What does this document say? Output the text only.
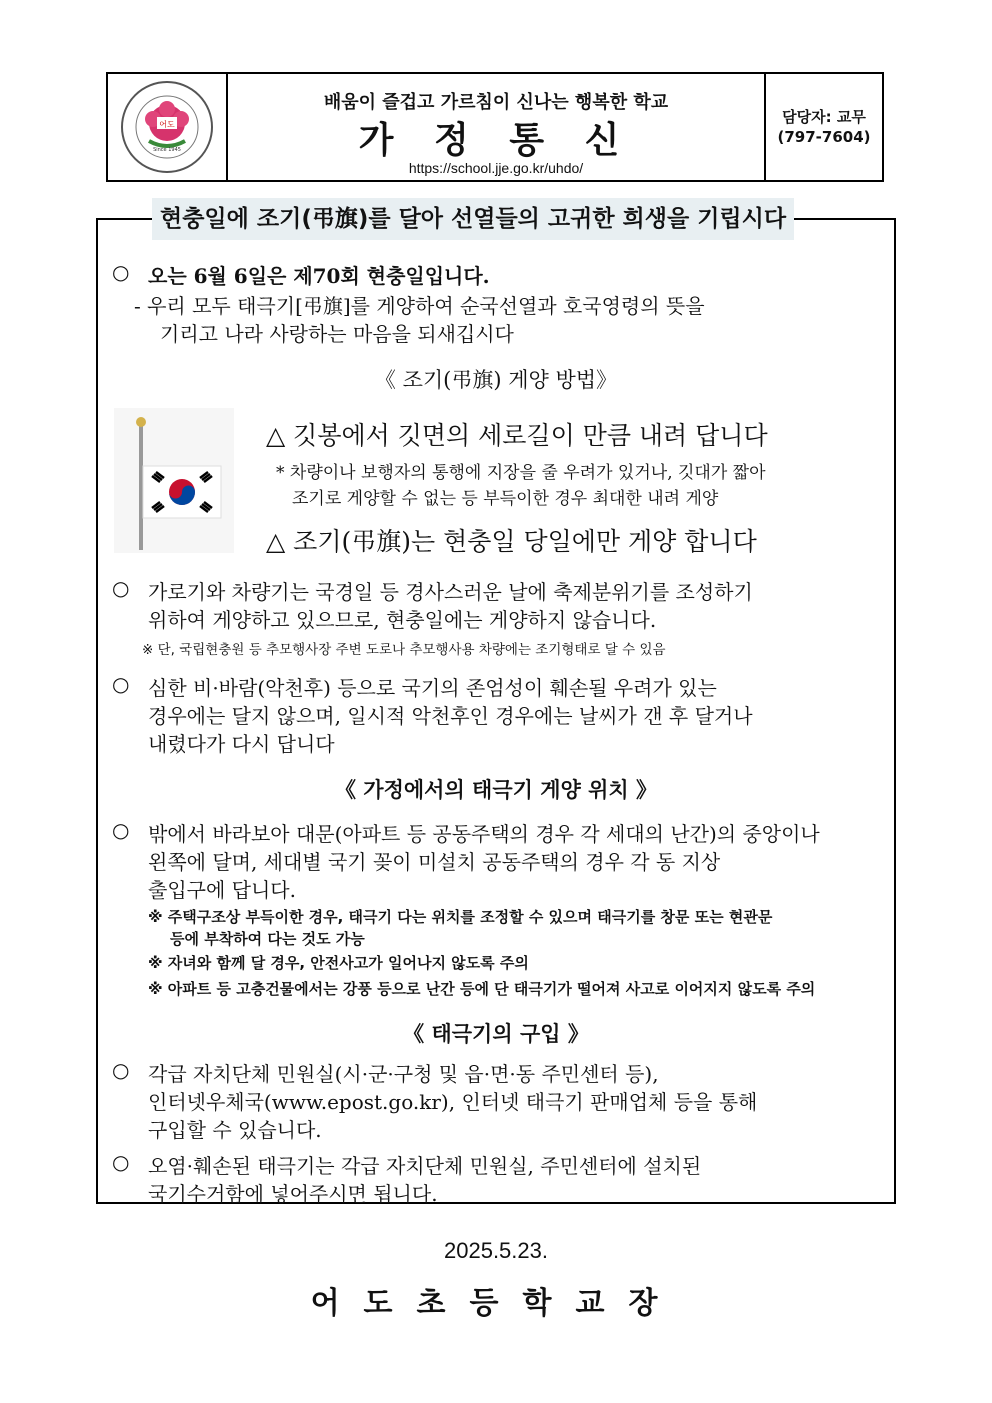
어도
Since 1945
배움이 즐겁고 가르침이 신나는 행복한 학교
가 정 통 신
https://school.jje.go.kr/uhdo/
담당자: 교무
(797-7604)
현충일에 조기(弔旗)를 달아 선열들의 고귀한 희생을 기립시다
○ 오는 6월 6일은 제70회 현충일입니다.
- 우리 모두 태극기[弔旗]를 게양하여 순국선열과 호국영령의 뜻을
기리고 나라 사랑하는 마음을 되새깁시다
《 조기(弔旗) 게양 방법》
△ 깃봉에서 깃면의 세로길이 만큼 내려 답니다
* 차량이나 보행자의 통행에 지장을 줄 우려가 있거나, 깃대가 짧아
조기로 게양할 수 없는 등 부득이한 경우 최대한 내려 게양
△ 조기(弔旗)는 현충일 당일에만 게양 합니다
○ 가로기와 차량기는 국경일 등 경사스러운 날에 축제분위기를 조성하기
위하여 게양하고 있으므로, 현충일에는 게양하지 않습니다.
※ 단, 국립현충원 등 추모행사장 주변 도로나 추모행사용 차량에는 조기형태로 달 수 있음
○ 심한 비·바람(악천후) 등으로 국기의 존엄성이 훼손될 우려가 있는
경우에는 달지 않으며, 일시적 악천후인 경우에는 날씨가 갠 후 달거나
내렸다가 다시 답니다
《 가정에서의 태극기 게양 위치 》
○ 밖에서 바라보아 대문(아파트 등 공동주택의 경우 각 세대의 난간)의 중앙이나
왼쪽에 달며, 세대별 국기 꽂이 미설치 공동주택의 경우 각 동 지상
출입구에 답니다.
※ 주택구조상 부득이한 경우, 태극기 다는 위치를 조정할 수 있으며 태극기를 창문 또는 현관문
등에 부착하여 다는 것도 가능
※ 자녀와 함께 달 경우, 안전사고가 일어나지 않도록 주의
※ 아파트 등 고층건물에서는 강풍 등으로 난간 등에 단 태극기가 떨어져 사고로 이어지지 않도록 주의
《 태극기의 구입 》
○ 각급 자치단체 민원실(시·군·구청 및 읍·면·동 주민센터 등),
인터넷우체국(www.epost.go.kr), 인터넷 태극기 판매업체 등을 통해
구입할 수 있습니다.
○ 오염·훼손된 태극기는 각급 자치단체 민원실, 주민센터에 설치된
국기수거함에 넣어주시면 됩니다.
2025.5.23.
어도초등학교장
